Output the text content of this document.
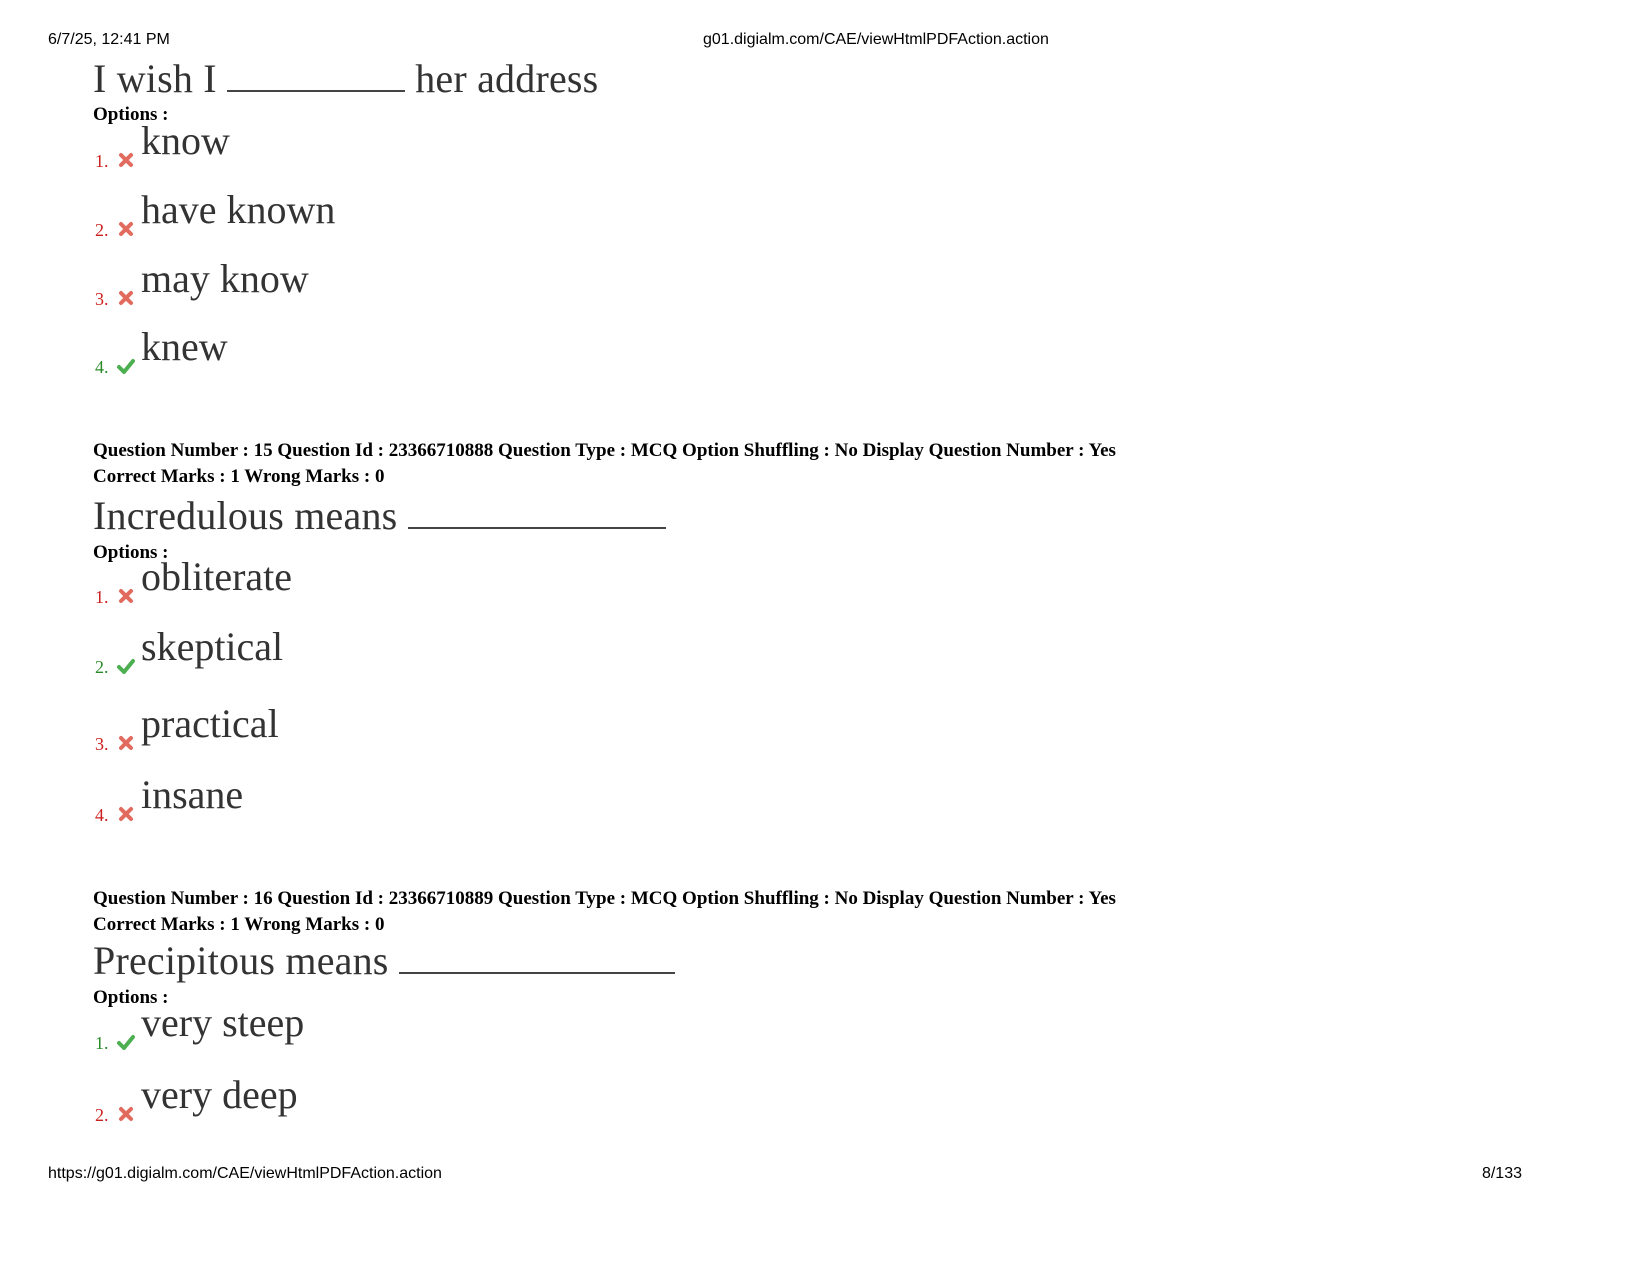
6/7/25, 12:41 PM	g01.digialm.com/CAE/viewHtmlPDFAction.action
I wish I	her address
Options :
1. know
2. have known
3. may know
4. knew
Question Number : 15 Question Id : 23366710888 Question Type : MCQ Option Shuffling : No Display Question Number : Yes
Correct Marks : 1 Wrong Marks : 0
Incredulous means
Options :
1. obliterate
2. skeptical
3. practical
4. insane
Question Number : 16 Question Id : 23366710889 Question Type : MCQ Option Shuffling : No Display Question Number : Yes
Correct Marks : 1 Wrong Marks : 0
Precipitous means
Options :
1. very steep
2. very deep
https://g01.digialm.com/CAE/viewHtmlPDFAction.action	8/133
